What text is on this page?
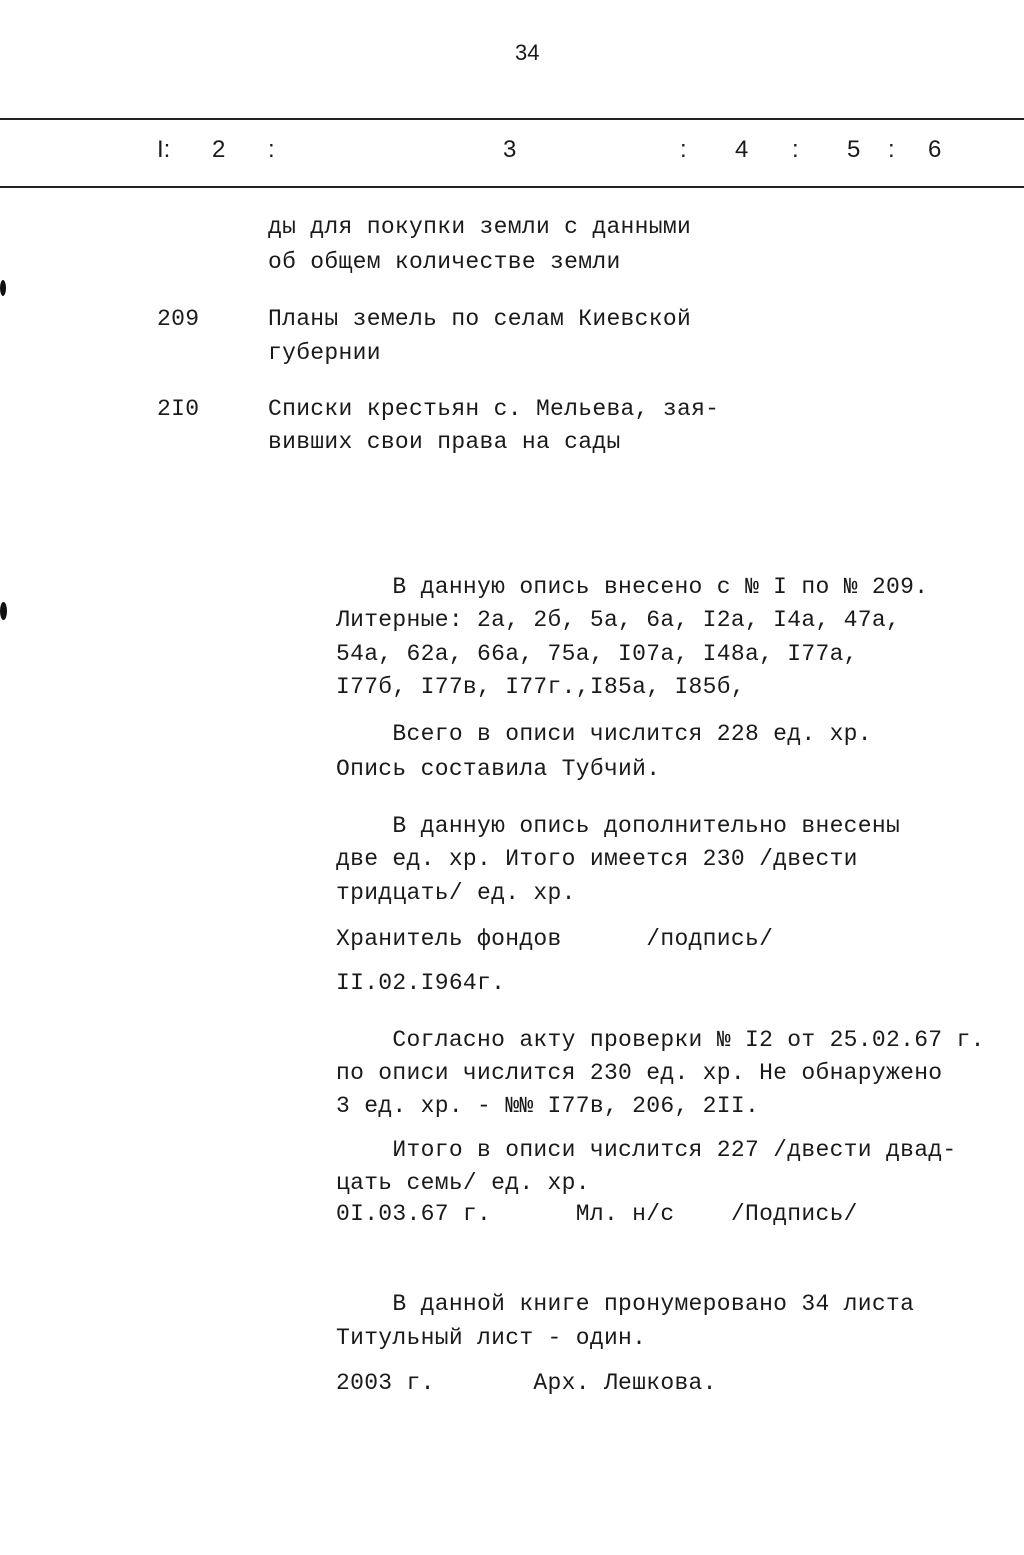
34
I: 2 :	3	: 4 : 5 : 6
ды для покупки земли с данными
об общем количестве земли
209	Планы земель по селам Киевской
губернии
2I0	Списки крестьян с. Мельева, зая-
вивших свои права на сады
В данную опись внесено с № I по № 209.
Литерные: 2а, 2б, 5а, 6а, I2а, I4а, 47а,
54а, 62а, 66а, 75а, I07а, I48а, I77а,
I77б, I77в, I77г.,I85а, I85б,
Всего в описи числится 228 ед. хр.
Опись составила Тубчий.
В данную опись дополнительно внесены
две ед. хр. Итого имеется 230 /двести
тридцать/ ед. хр.
Хранитель фондов      /подпись/
II.02.I964г.
Согласно акту проверки № I2 от 25.02.67 г.
по описи числится 230 ед. хр. Не обнаружено
3 ед. хр. - №№ I77в, 206, 2II.
Итого в описи числится 227 /двести двад-
цать семь/ ед. хр.
0I.03.67 г.      Мл. н/с    /Подпись/
В данной книге пронумеровано 34 листа
Титульный лист - один.
2003 г.       Арх. Лешкова.
